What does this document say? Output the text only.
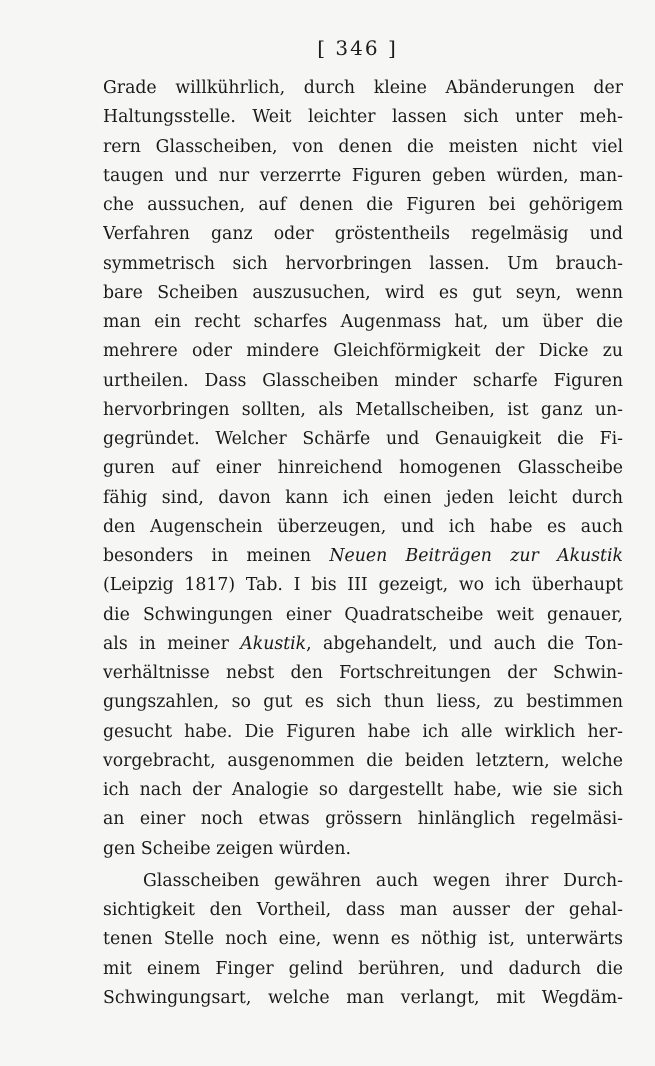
[ 346 ]
Grade willkührlich, durch kleine Abänderungen der
Haltungsstelle. Weit leichter lassen sich unter meh-
rern Glasscheiben, von denen die meisten nicht viel
taugen und nur verzerrte Figuren geben würden, man-
che aussuchen, auf denen die Figuren bei gehörigem
Verfahren ganz oder gröstentheils regelmäsig und
symmetrisch sich hervorbringen lassen. Um brauch-
bare Scheiben auszusuchen, wird es gut seyn, wenn
man ein recht scharfes Augenmass hat, um über die
mehrere oder mindere Gleichförmigkeit der Dicke zu
urtheilen. Dass Glasscheiben minder scharfe Figuren
hervorbringen sollten, als Metallscheiben, ist ganz un-
gegründet. Welcher Schärfe und Genauigkeit die Fi-
guren auf einer hinreichend homogenen Glasscheibe
fähig sind, davon kann ich einen jeden leicht durch
den Augenschein überzeugen, und ich habe es auch
besonders in meinen Neuen Beiträgen zur Akustik
(Leipzig 1817) Tab. I bis III gezeigt, wo ich überhaupt
die Schwingungen einer Quadratscheibe weit genauer,
als in meiner Akustik, abgehandelt, und auch die Ton-
verhältnisse nebst den Fortschreitungen der Schwin-
gungszahlen, so gut es sich thun liess, zu bestimmen
gesucht habe. Die Figuren habe ich alle wirklich her-
vorgebracht, ausgenommen die beiden letztern, welche
ich nach der Analogie so dargestellt habe, wie sie sich
an einer noch etwas grössern hinlänglich regelmäsi-
gen Scheibe zeigen würden.
Glasscheiben gewähren auch wegen ihrer Durch-
sichtigkeit den Vortheil, dass man ausser der gehal-
tenen Stelle noch eine, wenn es nöthig ist, unterwärts
mit einem Finger gelind berühren, und dadurch die
Schwingungsart, welche man verlangt, mit Wegdäm-
